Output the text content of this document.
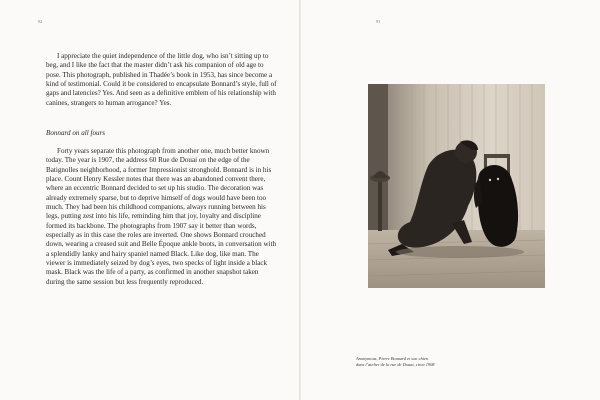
92

I appreciate the quiet independence of the little dog, who isn’t sitting up to beg, and I like the fact that the master didn’t ask his companion of old age to pose. This photograph, published in Thadée’s book in 1953, has since become a kind of testimonial. Could it be considered to encapsulate Bonnard’s style, full of gaps and latencies? Yes. And seen as a definitive emblem of his relationship with canines, strangers to human arrogance? Yes.

Bonnard on all fours

Forty years separate this photograph from another one, much better known today. The year is 1907, the address 60 Rue de Douai on the edge of the Batignolles neighborhood, a former Impressionist stronghold. Bonnard is in his place. Count Henry Kessler notes that there was an abandoned convent there, where an eccentric Bonnard decided to set up his studio. The decoration was already extremely sparse, but to deprive himself of dogs would have been too much. They had been his childhood companions, always running between his legs, putting zest into his life, reminding him that joy, loyalty and discipline formed its backbone. The photographs from 1907 say it better than words, especially as in this case the roles are inverted. One shows Bonnard crouched down, wearing a creased suit and Belle Époque ankle boots, in conversation with a splendidly lanky and hairy spaniel named Black. Like dog, like man. The viewer is immediately seized by dog’s eyes, two specks of light inside a black mask. Black was the life of a party, as confirmed in another snapshot taken during the same session but less frequently reproduced.

93
Anonymous, Pierre Bonnard et son chien
dans l’atelier de la rue de Douai, circa 1908
